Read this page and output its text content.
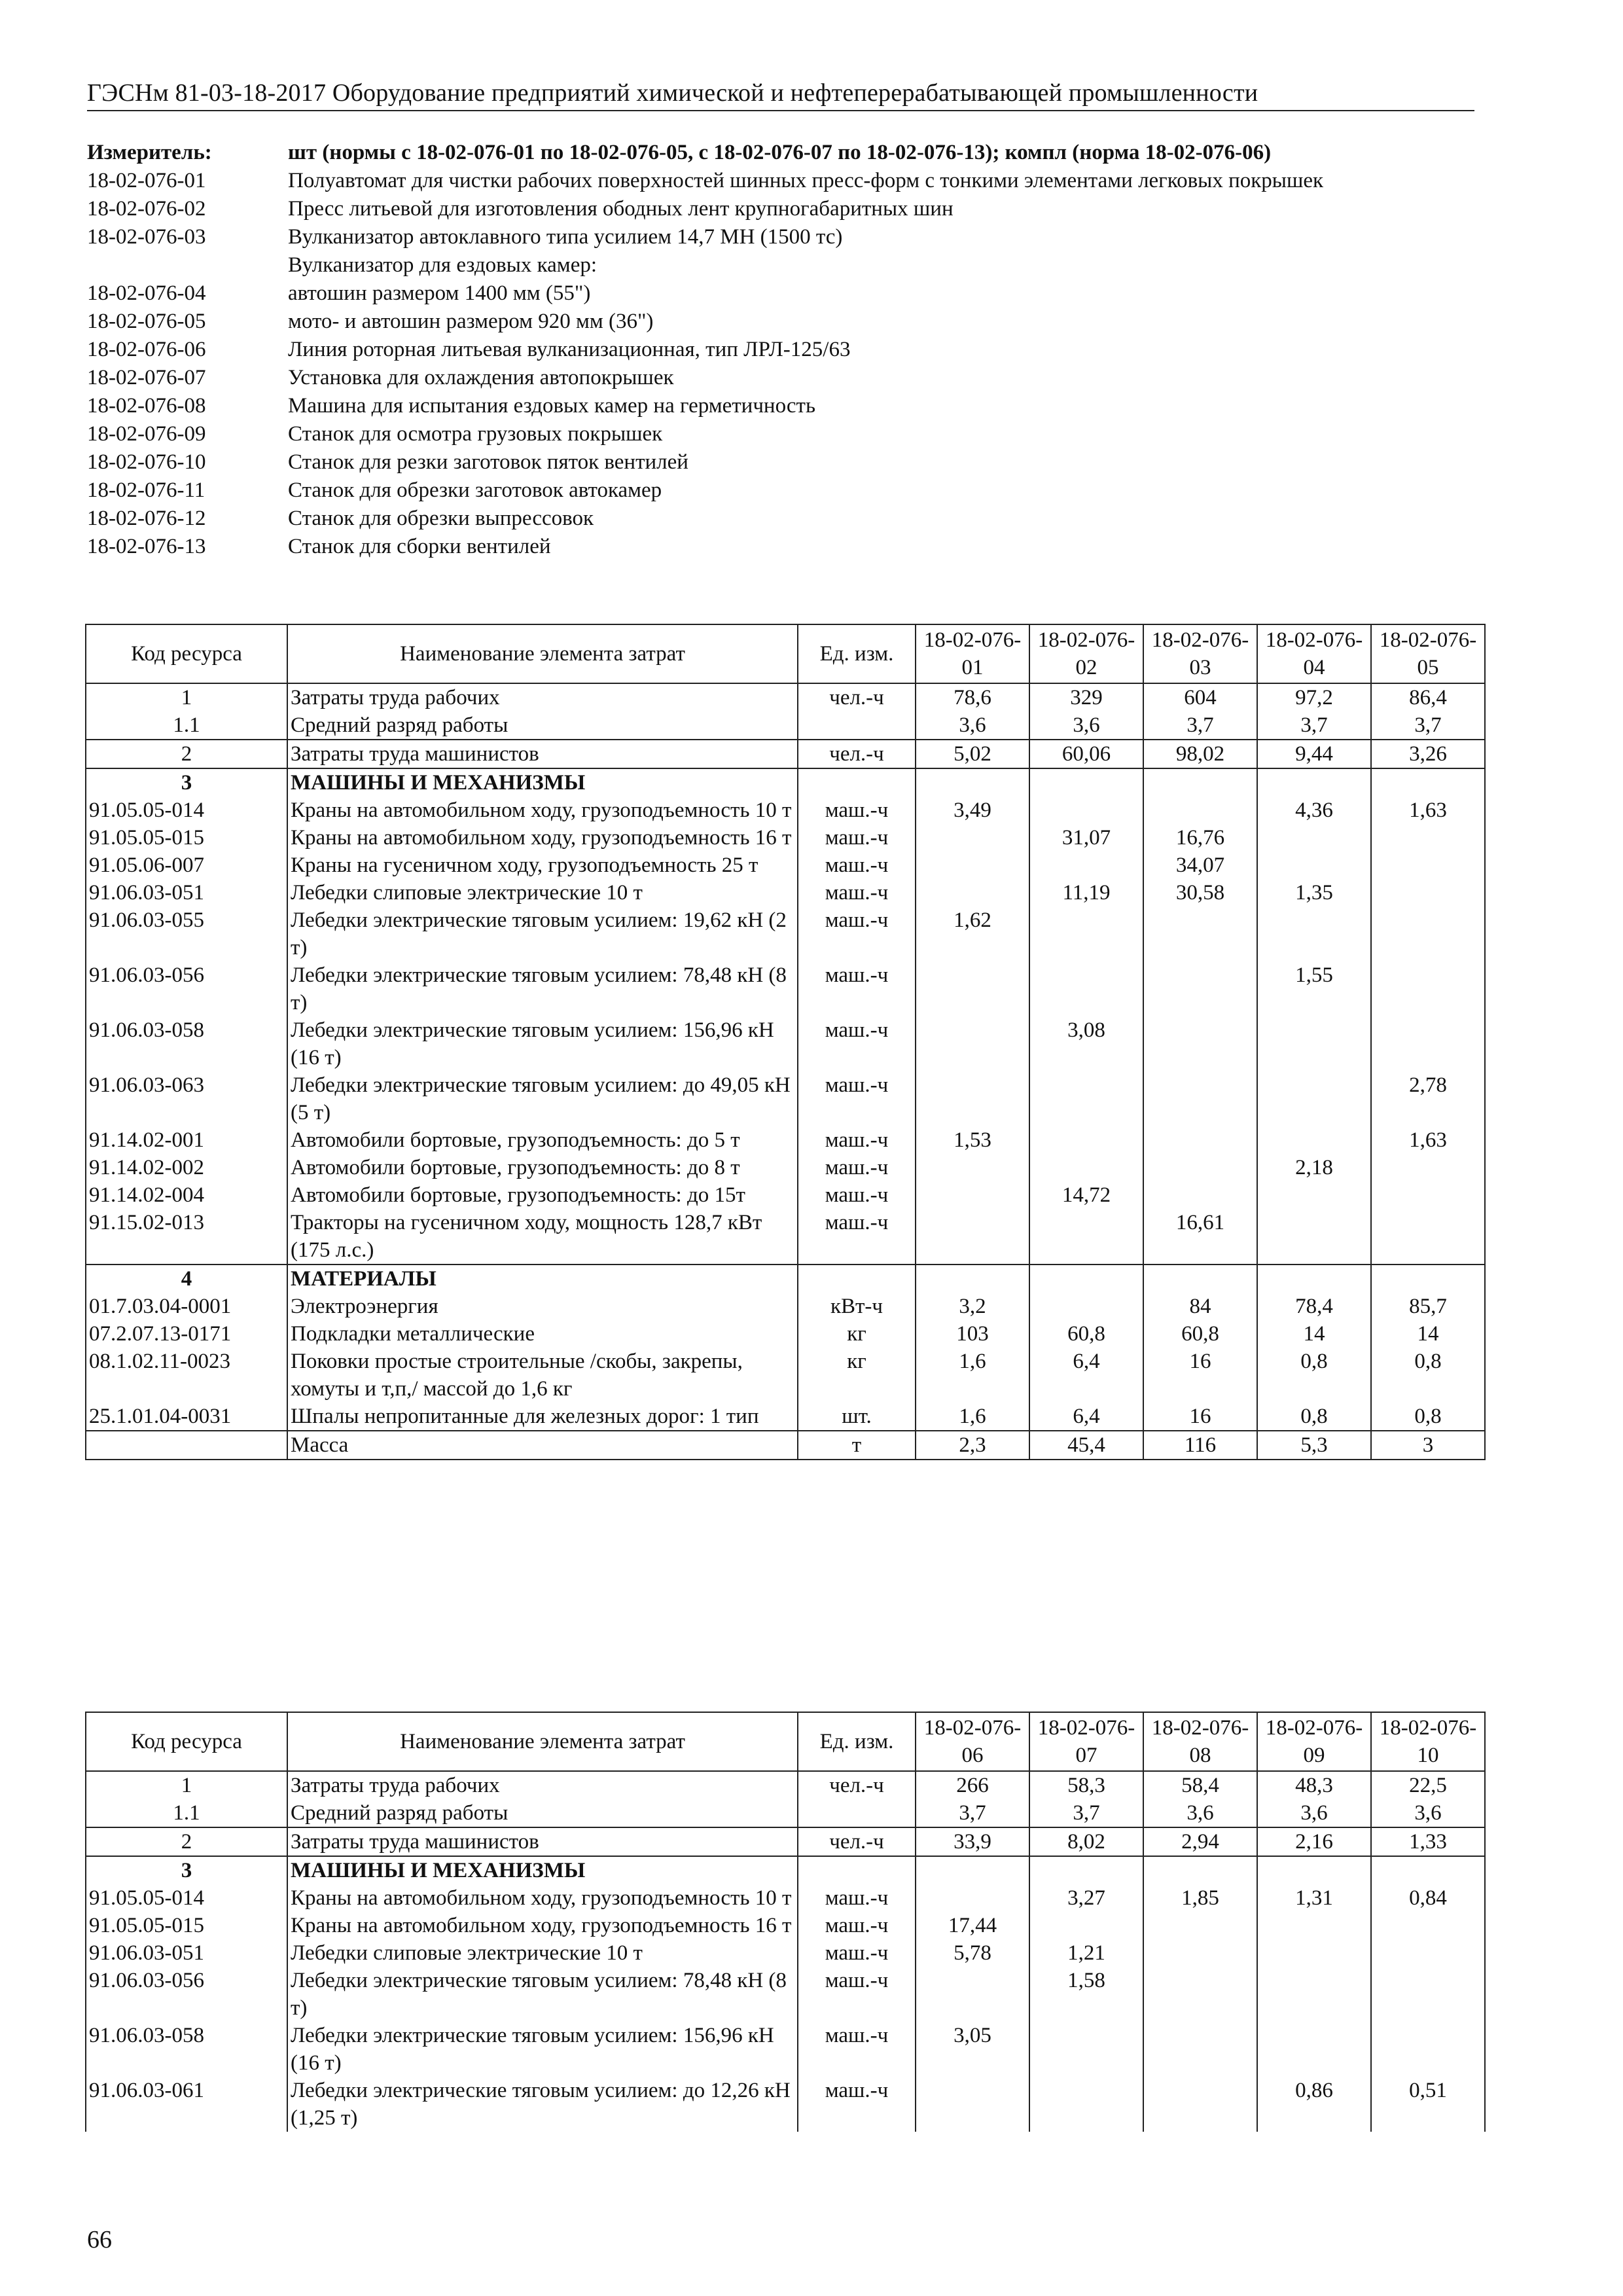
ГЭСНм 81-03-18-2017 Оборудование предприятий химической и нефтеперерабатывающей промышленности
Измеритель:	шт (нормы с 18-02-076-01 по 18-02-076-05, с 18-02-076-07 по 18-02-076-13); компл (норма 18-02-076-06)
18-02-076-01	Полуавтомат для чистки рабочих поверхностей шинных пресс-форм с тонкими элементами легковых покрышек
18-02-076-02	Пресс литьевой для изготовления ободных лент крупногабаритных шин
18-02-076-03	Вулканизатор автоклавного типа усилием 14,7 МН (1500 тс)
Вулканизатор для ездовых камер:
18-02-076-04	автошин размером 1400 мм (55")
18-02-076-05	мото- и автошин размером 920 мм (36")
18-02-076-06	Линия роторная литьевая вулканизационная, тип ЛРЛ-125/63
18-02-076-07	Установка для охлаждения автопокрышек
18-02-076-08	Машина для испытания ездовых камер на герметичность
18-02-076-09	Станок для осмотра грузовых покрышек
18-02-076-10	Станок для резки заготовок пяток вентилей
18-02-076-11	Станок для обрезки заготовок автокамер
18-02-076-12	Станок для обрезки выпрессовок
18-02-076-13	Станок для сборки вентилей
Код ресурса	Наименование элемента затрат	Ед. изм.	18-02-076-01	18-02-076-02	18-02-076-03	18-02-076-04	18-02-076-05
1	Затраты труда рабочих	чел.-ч	78,6	329	604	97,2	86,4
1.1	Средний разряд работы		3,6	3,6	3,7	3,7	3,7
2	Затраты труда машинистов	чел.-ч	5,02	60,06	98,02	9,44	3,26
3	МАШИНЫ И МЕХАНИЗМЫ						
91.05.05-014	Краны на автомобильном ходу, грузоподъемность 10 т	маш.-ч	3,49			4,36	1,63
91.05.05-015	Краны на автомобильном ходу, грузоподъемность 16 т	маш.-ч		31,07	16,76		
91.05.06-007	Краны на гусеничном ходу, грузоподъемность 25 т	маш.-ч			34,07		
91.06.03-051	Лебедки слиповые электрические 10 т	маш.-ч		11,19	30,58	1,35	
91.06.03-055	Лебедки электрические тяговым усилием: 19,62 кН (2 т)	маш.-ч	1,62				
91.06.03-056	Лебедки электрические тяговым усилием: 78,48 кН (8 т)	маш.-ч				1,55	
91.06.03-058	Лебедки электрические тяговым усилием: 156,96 кН (16 т)	маш.-ч		3,08			
91.06.03-063	Лебедки электрические тяговым усилием: до 49,05 кН (5 т)	маш.-ч					2,78
91.14.02-001	Автомобили бортовые, грузоподъемность: до 5 т	маш.-ч	1,53				1,63
91.14.02-002	Автомобили бортовые, грузоподъемность: до 8 т	маш.-ч				2,18	
91.14.02-004	Автомобили бортовые, грузоподъемность: до 15т	маш.-ч		14,72			
91.15.02-013	Тракторы на гусеничном ходу, мощность 128,7 кВт (175 л.с.)	маш.-ч			16,61		
4	МАТЕРИАЛЫ						
01.7.03.04-0001	Электроэнергия	кВт-ч	3,2		84	78,4	85,7
07.2.07.13-0171	Подкладки металлические	кг	103	60,8	60,8	14	14
08.1.02.11-0023	Поковки простые строительные /скобы, закрепы, хомуты и т,п,/ массой до 1,6 кг	кг	1,6	6,4	16	0,8	0,8
25.1.01.04-0031	Шпалы непропитанные для железных дорог: 1 тип	шт.	1,6	6,4	16	0,8	0,8
	Масса	т	2,3	45,4	116	5,3	3
Код ресурса	Наименование элемента затрат	Ед. изм.	18-02-076-06	18-02-076-07	18-02-076-08	18-02-076-09	18-02-076-10
1	Затраты труда рабочих	чел.-ч	266	58,3	58,4	48,3	22,5
1.1	Средний разряд работы		3,7	3,7	3,6	3,6	3,6
2	Затраты труда машинистов	чел.-ч	33,9	8,02	2,94	2,16	1,33
3	МАШИНЫ И МЕХАНИЗМЫ						
91.05.05-014	Краны на автомобильном ходу, грузоподъемность 10 т	маш.-ч		3,27	1,85	1,31	0,84
91.05.05-015	Краны на автомобильном ходу, грузоподъемность 16 т	маш.-ч	17,44				
91.06.03-051	Лебедки слиповые электрические 10 т	маш.-ч	5,78	1,21			
91.06.03-056	Лебедки электрические тяговым усилием: 78,48 кН (8 т)	маш.-ч		1,58			
91.06.03-058	Лебедки электрические тяговым усилием: 156,96 кН (16 т)	маш.-ч	3,05				
91.06.03-061	Лебедки электрические тяговым усилием: до 12,26 кН (1,25 т)	маш.-ч				0,86	0,51
66
